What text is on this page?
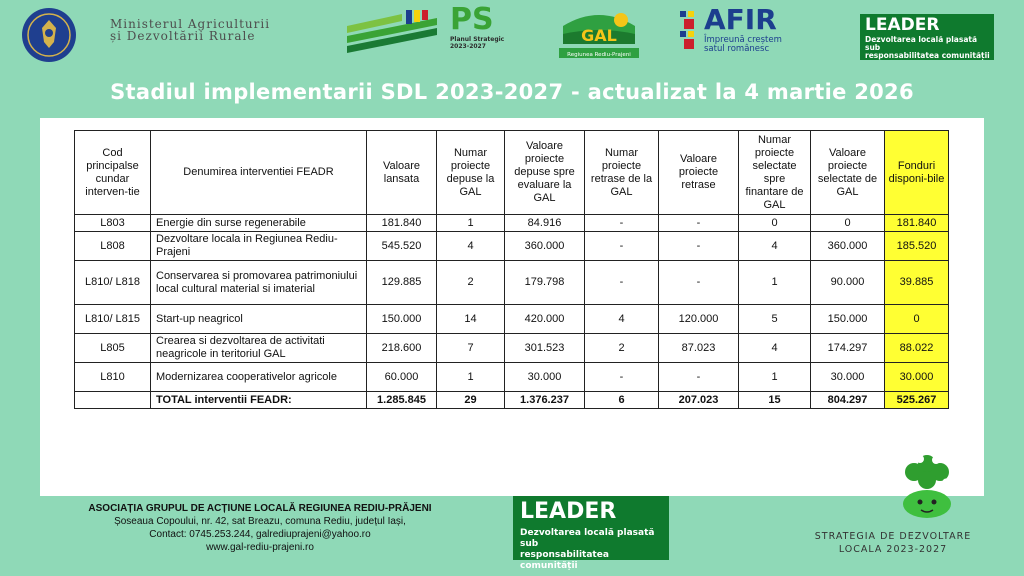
Ministerul Agriculturii
și Dezvoltării Rurale	PS
Planul Strategic
2023-2027
GAL
Regiunea Rediu-Prajeni
AFIR
Împreună creștem
satul românesc
LEADER
Dezvoltarea locală plasată sub
responsabilitatea comunității
Stadiul implementarii SDL 2023-2027 - actualizat la 4 martie 2026
Cod principalse cundar interven-tie	Denumirea interventiei FEADR	Valoare lansata	Numar proiecte depuse la GAL	Valoare proiecte depuse spre evaluare la GAL	Numar proiecte retrase de la GAL	Valoare proiecte retrase	Numar proiecte selectate spre finantare de GAL	Valoare proiecte selectate de GAL	Fonduri disponi-bile
L803	Energie din surse regenerabile	181.840	1	84.916	-	-	0	0	181.840
L808	Dezvoltare locala in Regiunea Rediu-Prajeni	545.520	4	360.000	-	-	4	360.000	185.520
L810/ L818	Conservarea si promovarea patrimoniului local cultural material si imaterial	129.885	2	179.798	-	-	1	90.000	39.885
L810/ L815	Start-up neagricol	150.000	14	420.000	4	120.000	5	150.000	0
L805	Crearea si dezvoltarea de activitati neagricole in teritoriul GAL	218.600	7	301.523	2	87.023	4	174.297	88.022
L810	Modernizarea cooperativelor agricole	60.000	1	30.000	-	-	1	30.000	30.000
	TOTAL interventii FEADR:	1.285.845	29	1.376.237	6	207.023	15	804.297	525.267
ASOCIAȚIA GRUPUL DE ACȚIUNE LOCALĂ REGIUNEA REDIU-PRĂJENI
Șoseaua Copoului, nr. 42, sat Breazu, comuna Rediu, județul Iași,
Contact: 0745.253.244, galrediuprajeni@yahoo.ro
www.gal-rediu-prajeni.ro
LEADER
Dezvoltarea locală plasată sub
responsabilitatea comunității
STRATEGIA DE DEZVOLTARE
LOCALA 2023-2027
